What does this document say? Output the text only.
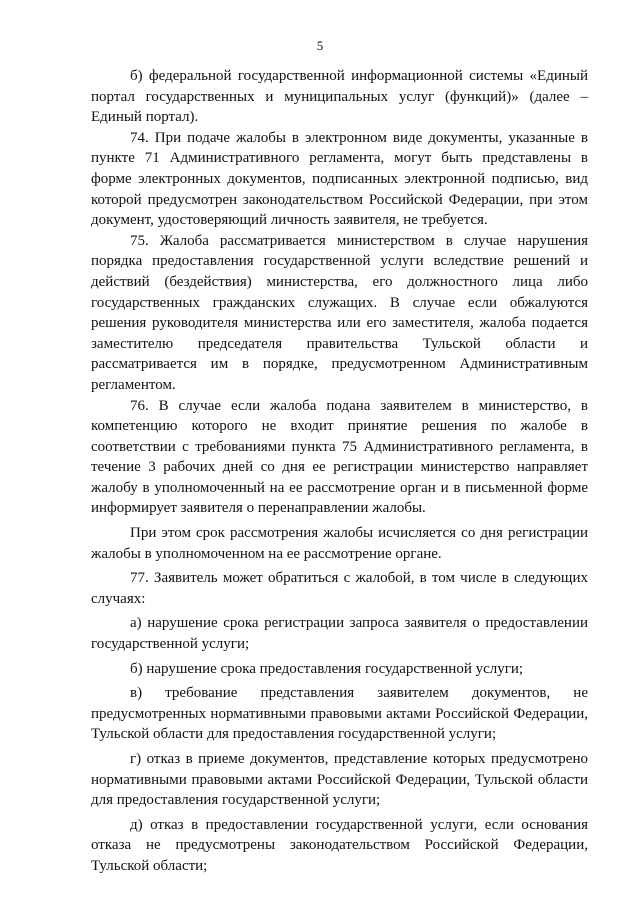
5

б) федеральной государственной информационной системы «Единый портал государственных и муниципальных услуг (функций)» (далее – Единый портал).

74. При подаче жалобы в электронном виде документы, указанные в пункте 71 Административного регламента, могут быть представлены в форме электронных документов, подписанных электронной подписью, вид которой предусмотрен законодательством Российской Федерации, при этом документ, удостоверяющий личность заявителя, не требуется.

75. Жалоба рассматривается министерством в случае нарушения порядка предоставления государственной услуги вследствие решений и действий (бездействия) министерства, его должностного лица либо государственных гражданских служащих. В случае если обжалуются решения руководителя министерства или его заместителя, жалоба подается заместителю председателя правительства Тульской области и рассматривается им в порядке, предусмотренном Административным регламентом.

76. В случае если жалоба подана заявителем в министерство, в компетенцию которого не входит принятие решения по жалобе в соответствии с требованиями пункта 75 Административного регламента, в течение 3 рабочих дней со дня ее регистрации министерство направляет жалобу в уполномоченный на ее рассмотрение орган и в письменной форме информирует заявителя о перенаправлении жалобы.

При этом срок рассмотрения жалобы исчисляется со дня регистрации жалобы в уполномоченном на ее рассмотрение органе.

77. Заявитель может обратиться с жалобой, в том числе в следующих случаях:

а) нарушение срока регистрации запроса заявителя о предоставлении государственной услуги;

б) нарушение срока предоставления государственной услуги;

в) требование представления заявителем документов, не предусмотренных нормативными правовыми актами Российской Федерации, Тульской области для предоставления государственной услуги;

г) отказ в приеме документов, представление которых предусмотрено нормативными правовыми актами Российской Федерации, Тульской области для предоставления государственной услуги;

д) отказ в предоставлении государственной услуги, если основания отказа не предусмотрены законодательством Российской Федерации, Тульской области;
